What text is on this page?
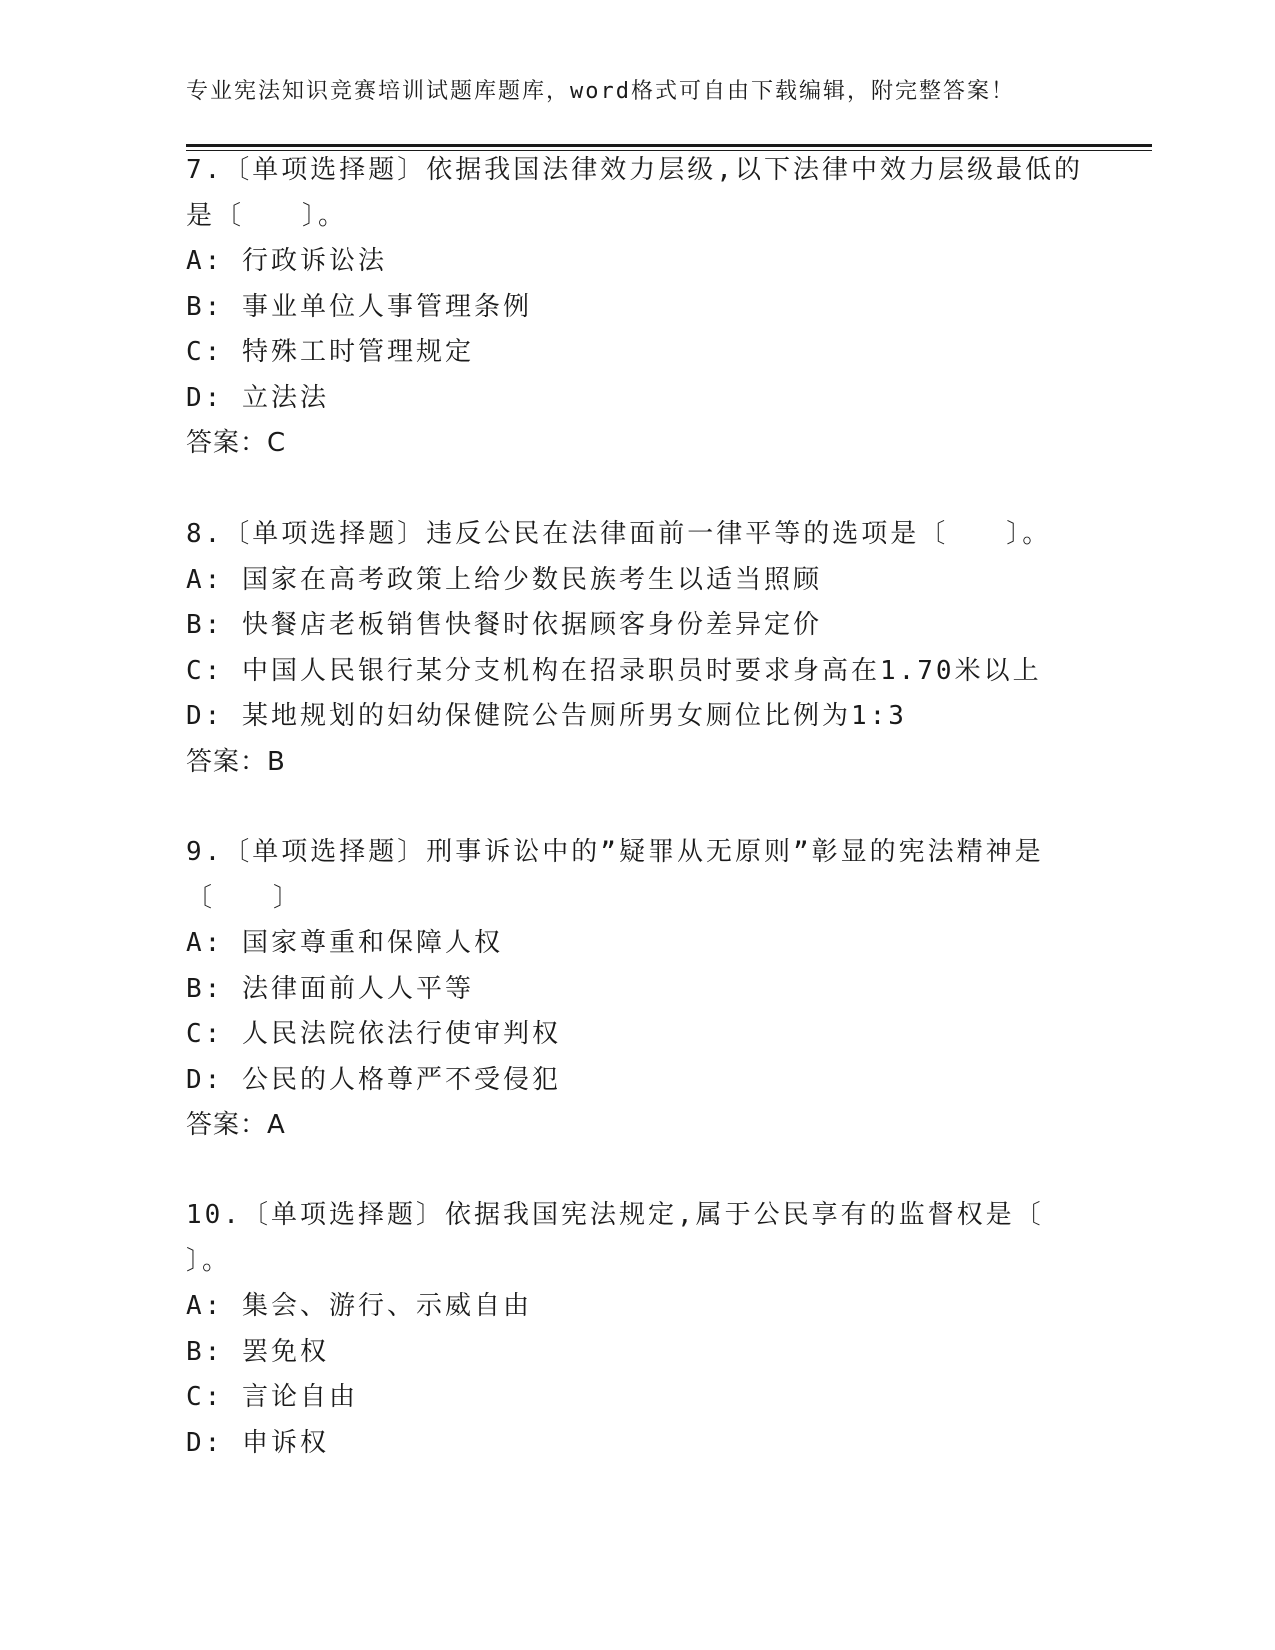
专业宪法知识竞赛培训试题库题库，word格式可自由下载编辑，附完整答案！
7.〔单项选择题〕依据我国法律效力层级,以下法律中效力层级最低的
是〔　　〕。
A: 行政诉讼法
B: 事业单位人事管理条例
C: 特殊工时管理规定
D: 立法法
答案：C
8.〔单项选择题〕违反公民在法律面前一律平等的选项是〔　　〕。
A: 国家在高考政策上给少数民族考生以适当照顾
B: 快餐店老板销售快餐时依据顾客身份差异定价
C: 中国人民银行某分支机构在招录职员时要求身高在1.70米以上
D: 某地规划的妇幼保健院公告厕所男女厕位比例为1:3
答案：B
9.〔单项选择题〕刑事诉讼中的”疑罪从无原则”彰显的宪法精神是
〔　　〕
A: 国家尊重和保障人权
B: 法律面前人人平等
C: 人民法院依法行使审判权
D: 公民的人格尊严不受侵犯
答案：A
10.〔单项选择题〕依据我国宪法规定,属于公民享有的监督权是〔
〕。
A: 集会、游行、示威自由
B: 罢免权
C: 言论自由
D: 申诉权
